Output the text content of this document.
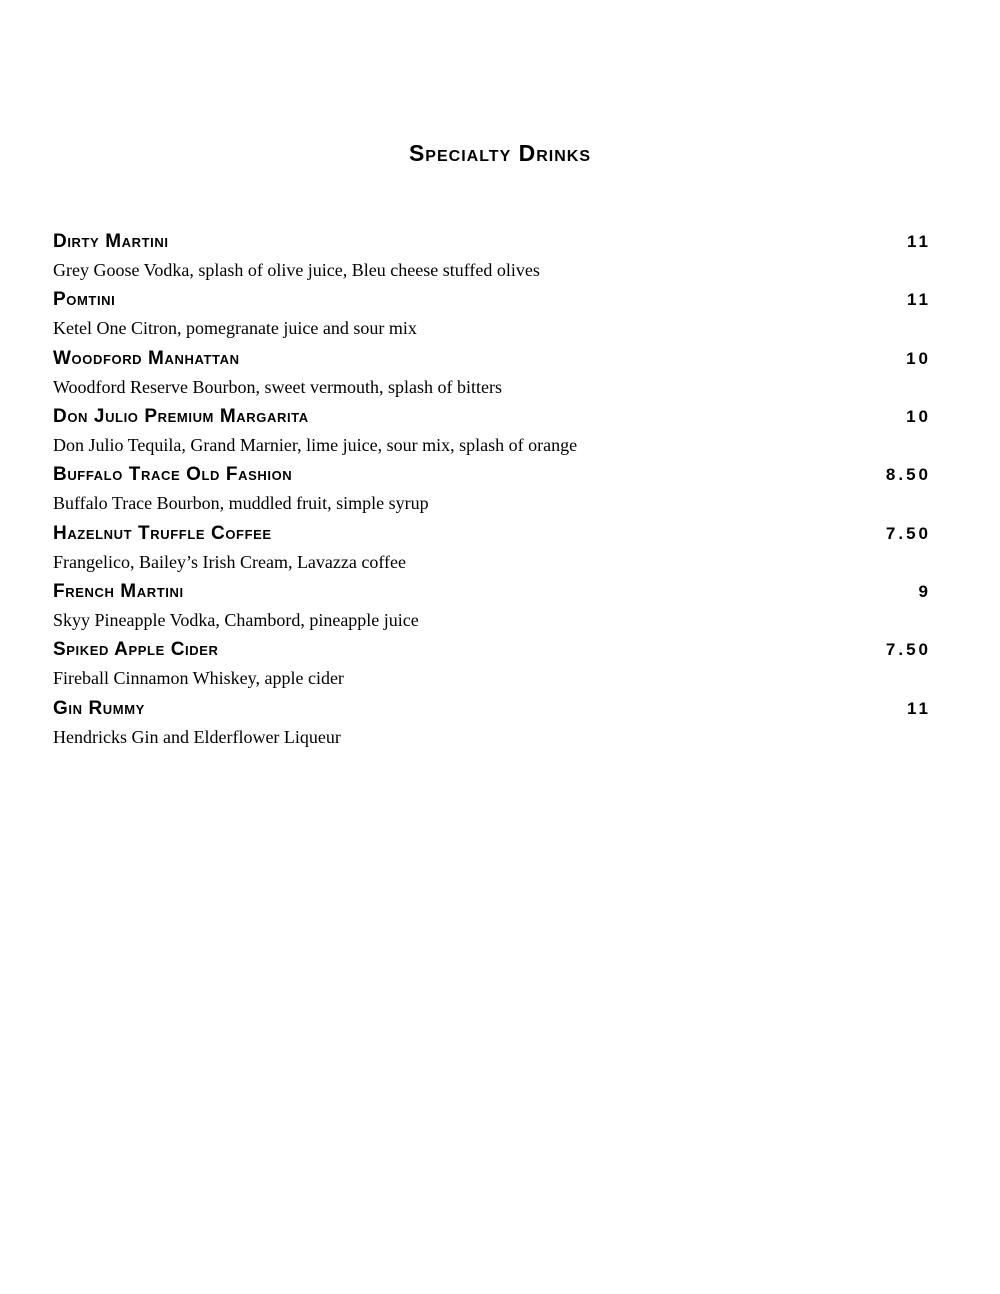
Specialty Drinks
Dirty Martini	11
Grey Goose Vodka, splash of olive juice, Bleu cheese stuffed olives
Pomtini	11
Ketel One Citron, pomegranate juice and sour mix
Woodford Manhattan	10
Woodford Reserve Bourbon, sweet vermouth, splash of bitters
Don Julio Premium Margarita	10
Don Julio Tequila, Grand Marnier, lime juice, sour mix, splash of orange
Buffalo Trace Old Fashion	8.50
Buffalo Trace Bourbon, muddled fruit, simple syrup
Hazelnut Truffle Coffee	7.50
Frangelico, Bailey’s Irish Cream, Lavazza coffee
French Martini	9
Skyy Pineapple Vodka, Chambord, pineapple juice
Spiked Apple Cider	7.50
Fireball Cinnamon Whiskey, apple cider
Gin Rummy	11
Hendricks Gin and Elderflower Liqueur
